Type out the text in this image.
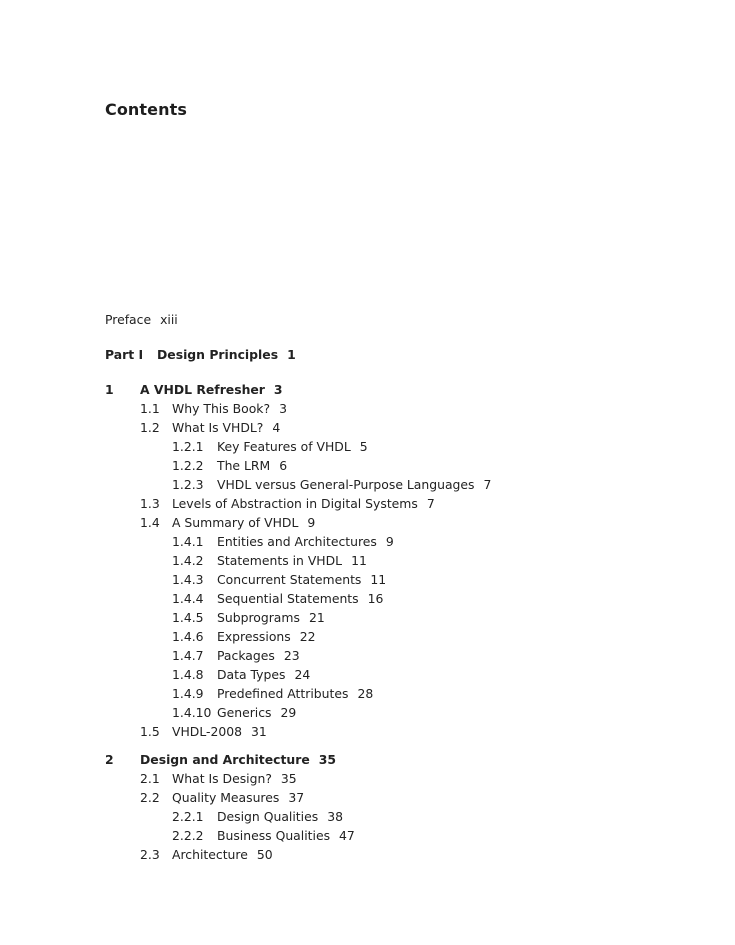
Contents
Preface xiii
Part I Design Principles 1
1 A VHDL Refresher 3
1.1 Why This Book? 3
1.2 What Is VHDL? 4
1.2.1 Key Features of VHDL 5
1.2.2 The LRM 6
1.2.3 VHDL versus General-Purpose Languages 7
1.3 Levels of Abstraction in Digital Systems 7
1.4 A Summary of VHDL 9
1.4.1 Entities and Architectures 9
1.4.2 Statements in VHDL 11
1.4.3 Concurrent Statements 11
1.4.4 Sequential Statements 16
1.4.5 Subprograms 21
1.4.6 Expressions 22
1.4.7 Packages 23
1.4.8 Data Types 24
1.4.9 Predefined Attributes 28
1.4.10 Generics 29
1.5 VHDL-2008 31
2 Design and Architecture 35
2.1 What Is Design? 35
2.2 Quality Measures 37
2.2.1 Design Qualities 38
2.2.2 Business Qualities 47
2.3 Architecture 50
